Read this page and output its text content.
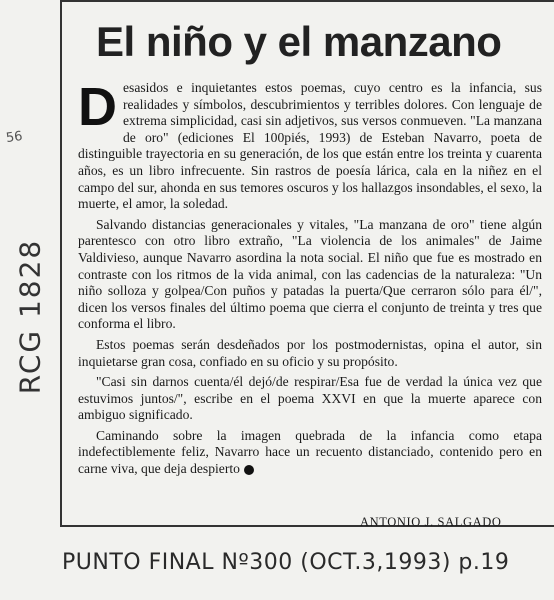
El niño y el manzano

Desasidos e inquietantes estos poemas, cuyo centro es la infancia, sus realidades y símbolos, descubrimientos y terribles dolores. Con lenguaje de extrema simplicidad, casi sin adjetivos, sus versos conmueven. "La manzana de oro" (ediciones El 100piés, 1993) de Esteban Navarro, poeta de distinguible trayectoria en su generación, de los que están entre los treinta y cuarenta años, es un libro infrecuente. Sin rastros de poesía lárica, cala en la niñez en el campo del sur, ahonda en sus temores oscuros y los hallazgos insondables, el sexo, la muerte, el amor, la soledad.

Salvando distancias generacionales y vitales, "La manzana de oro" tiene algún parentesco con otro libro extraño, "La violencia de los animales" de Jaime Valdivieso, aunque Navarro asordina la nota social. El niño que fue es mostrado en contraste con los ritmos de la vida animal, con las cadencias de la naturaleza: "Un niño solloza y golpea/Con puños y patadas la puerta/Que cerraron sólo para él/", dicen los versos finales del último poema que cierra el conjunto de treinta y tres que conforma el libro.

Estos poemas serán desdeñados por los postmodernistas, opina el autor, sin inquietarse gran cosa, confiado en su oficio y su propósito.

"Casi sin darnos cuenta/él dejó/de respirar/Esa fue de verdad la única vez que estuvimos juntos/", escribe en el poema XXVI en que la muerte aparece con ambiguo significado.

Caminando sobre la imagen quebrada de la infancia como etapa indefectiblemente feliz, Navarro hace un recuento distanciado, contenido pero en carne viva, que deja despierto

ANTONIO J. SALGADO

56
RCG 1828
PUNTO FINAL Nº300 (OCT.3,1993) p.19
